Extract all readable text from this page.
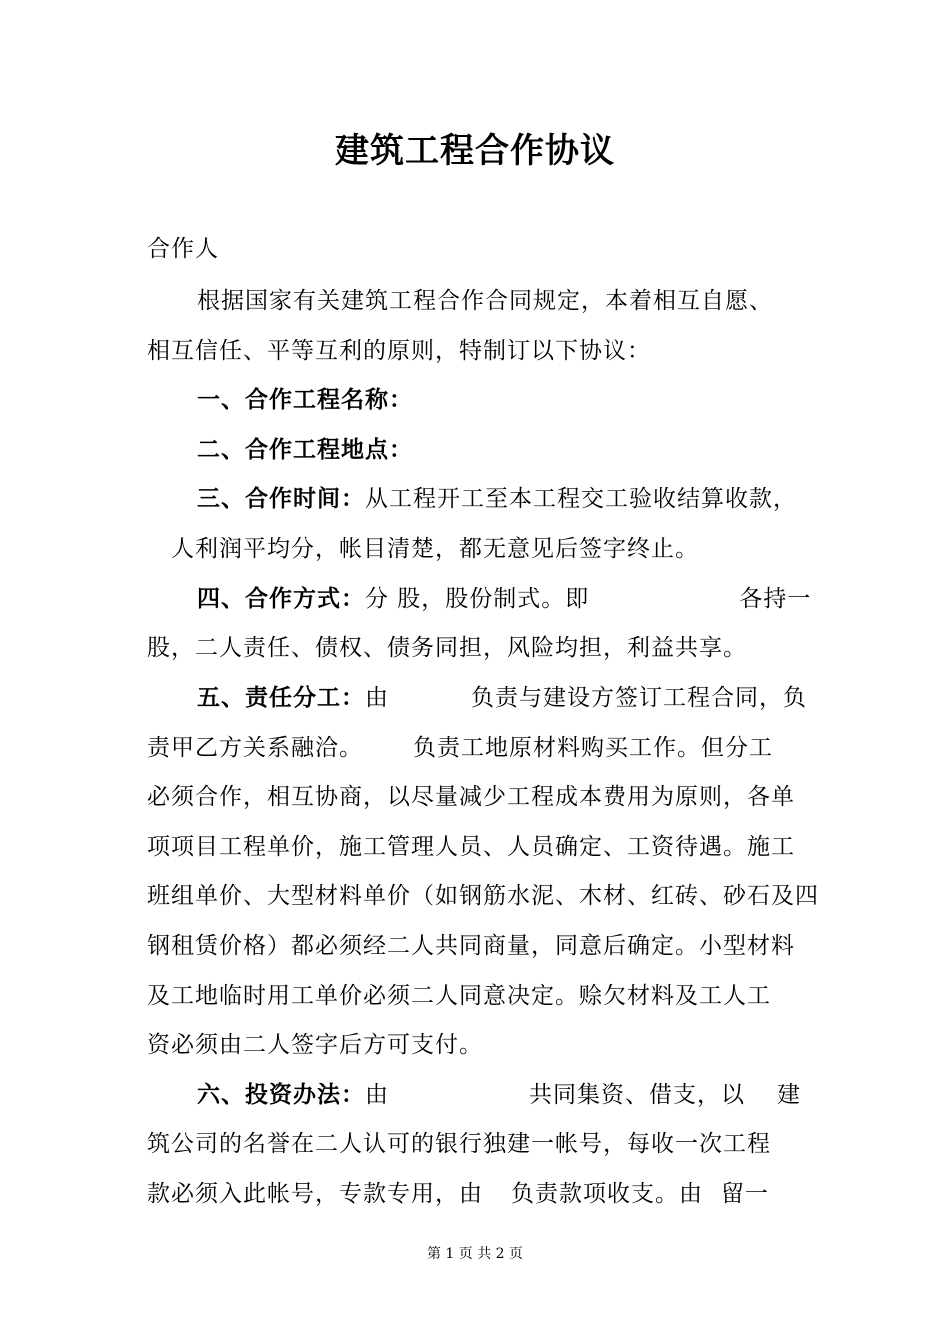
建筑工程合作协议
合作人
根据国家有关建筑工程合作合同规定，本着相互自愿、
相互信任、平等互利的原则，特制订以下协议：
一、合作工程名称：
二、合作工程地点：
三、合作时间：从工程开工至本工程交工验收结算收款，
人利润平均分，帐目清楚，都无意见后签字终止。
四、合作方式：分 股，股份制式。即	各持一
股，二人责任、债权、债务同担，风险均担，利益共享。
五、责任分工：由	负责与建设方签订工程合同，负
责甲乙方关系融洽。 负责工地原材料购买工作。但分工
必须合作，相互协商，以尽量减少工程成本费用为原则，各单
项项目工程单价，施工管理人员、人员确定、工资待遇。施工
班组单价、大型材料单价（如钢筋水泥、木材、红砖、砂石及四
钢租赁价格）都必须经二人共同商量，同意后确定。小型材料
及工地临时用工单价必须二人同意决定。赊欠材料及工人工
资必须由二人签字后方可支付。
六、投资办法：由	共同集资、借支，以 建
筑公司的名誉在二人认可的银行独建一帐号，每收一次工程
款必须入此帐号，专款专用，由 负责款项收支。由 留一
第 1 页 共 2 页
